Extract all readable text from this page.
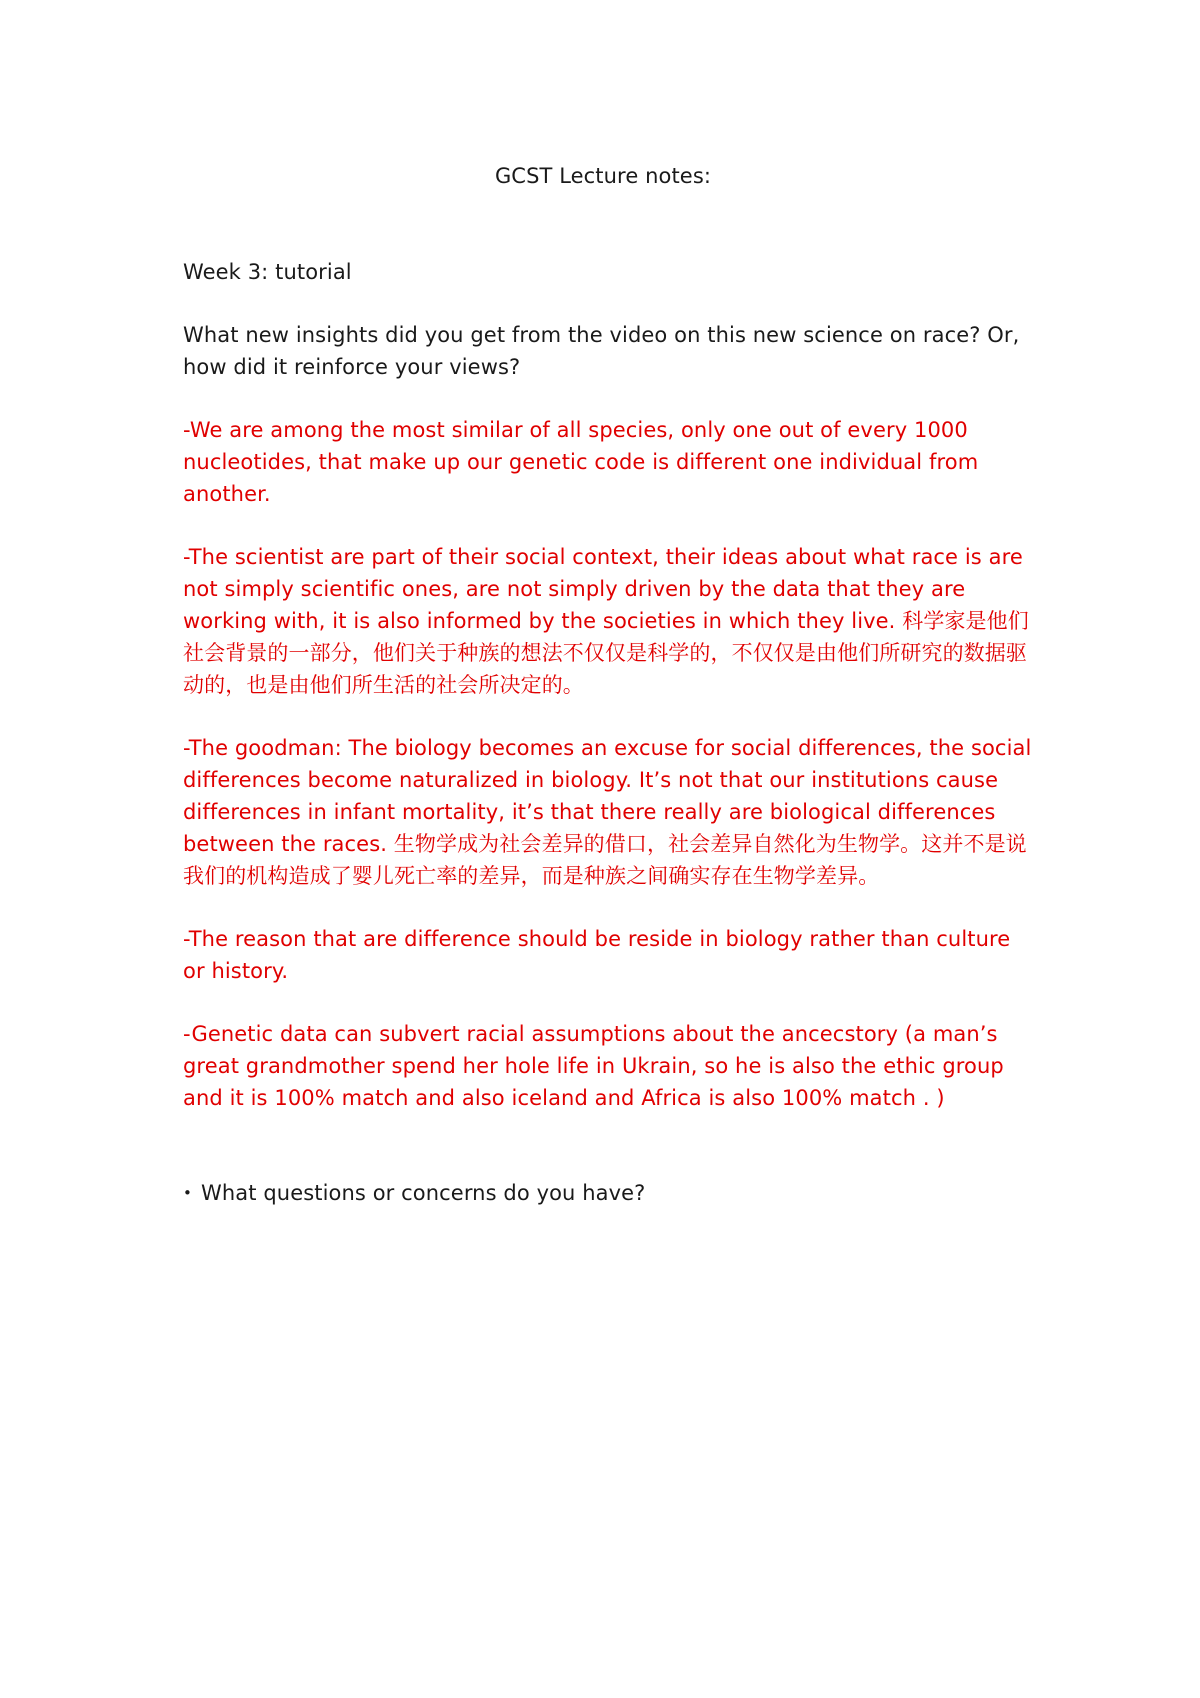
GCST Lecture notes:
Week 3: tutorial
What new insights did you get from the video on this new science on race? Or, how did it reinforce your views?
-We are among the most similar of all species, only one out of every 1000 nucleotides, that make up our genetic code is different one individual from another.
-The scientist are part of their social context, their ideas about what race is are not simply scientific ones, are not simply driven by the data that they are working with, it is also informed by the societies in which they live. 科学家是他们社会背景的一部分，他们关于种族的想法不仅仅是科学的，不仅仅是由他们所研究的数据驱动的，也是由他们所生活的社会所决定的。
-The goodman: The biology becomes an excuse for social differences, the social differences become naturalized in biology. It’s not that our institutions cause differences in infant mortality, it’s that there really are biological differences between the races. 生物学成为社会差异的借口，社会差异自然化为生物学。这并不是说我们的机构造成了婴儿死亡率的差异，而是种族之间确实存在生物学差异。
-The reason that are difference should be reside in biology rather than culture or history.
-Genetic data can subvert racial assumptions about the ancecstory (a man’s great grandmother spend her hole life in Ukrain, so he is also the ethic group and it is 100% match and also iceland and Africa is also 100% match . )
• What questions or concerns do you have?
